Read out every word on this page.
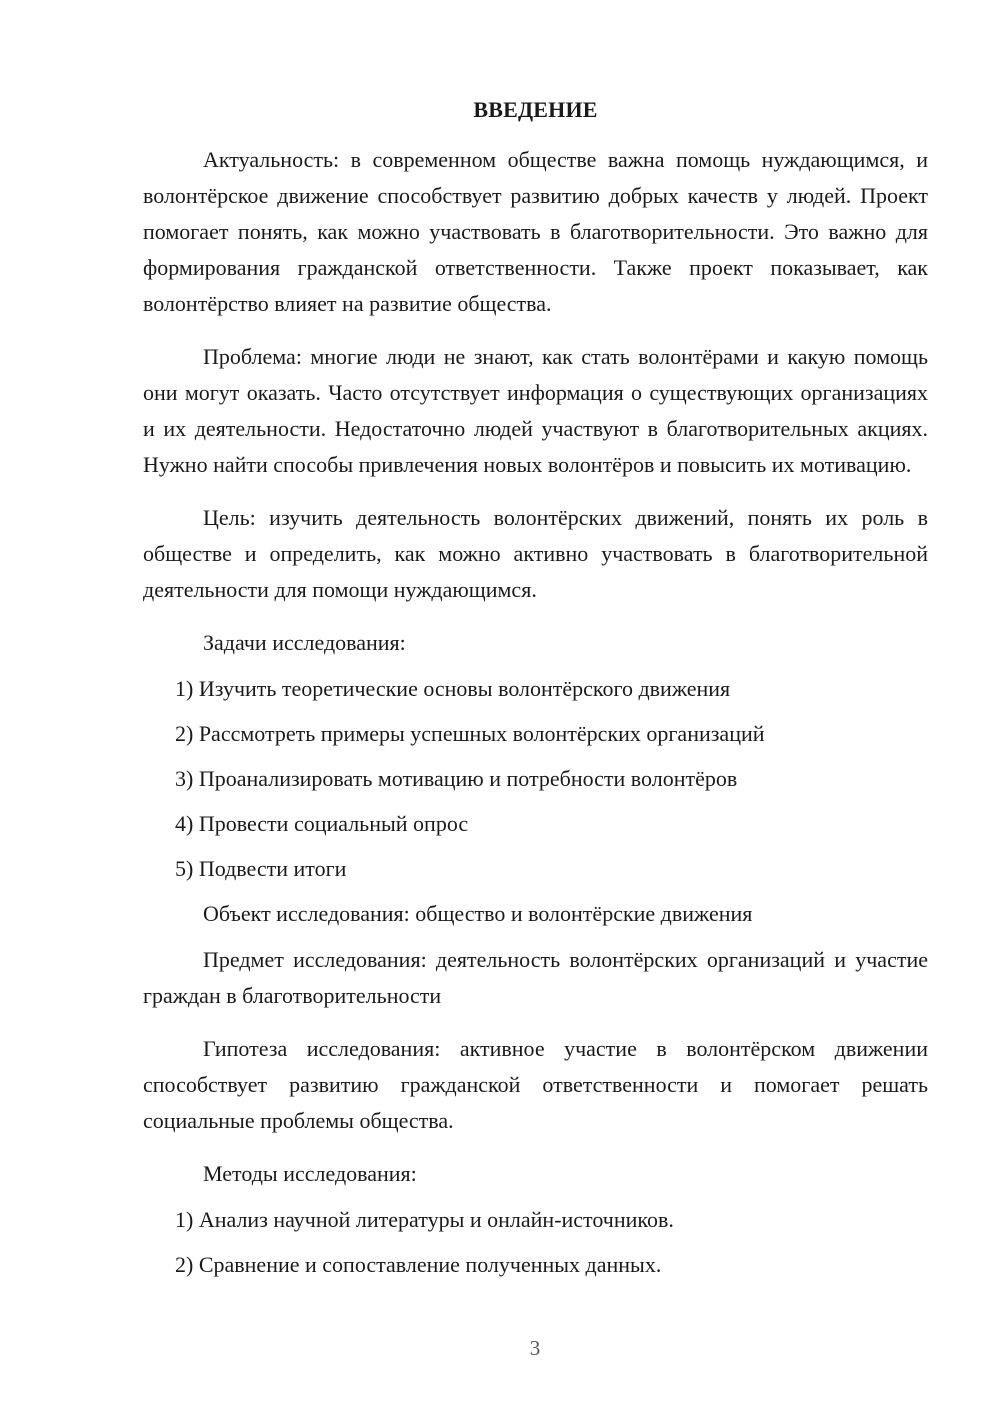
ВВЕДЕНИЕ

Актуальность: в современном обществе важна помощь нуждающимся, и волонтёрское движение способствует развитию добрых качеств у людей. Проект помогает понять, как можно участвовать в благотворительности. Это важно для формирования гражданской ответственности. Также проект показывает, как волонтёрство влияет на развитие общества.

Проблема: многие люди не знают, как стать волонтёрами и какую помощь они могут оказать. Часто отсутствует информация о существующих организациях и их деятельности. Недостаточно людей участвуют в благотворительных акциях. Нужно найти способы привлечения новых волонтёров и повысить их мотивацию.

Цель: изучить деятельность волонтёрских движений, понять их роль в обществе и определить, как можно активно участвовать в благотворительной деятельности для помощи нуждающимся.

Задачи исследования:
1) Изучить теоретические основы волонтёрского движения
2) Рассмотреть примеры успешных волонтёрских организаций
3) Проанализировать мотивацию и потребности волонтёров
4) Провести социальный опрос
5) Подвести итоги
Объект исследования: общество и волонтёрские движения

Предмет исследования: деятельность волонтёрских организаций и участие граждан в благотворительности

Гипотеза исследования: активное участие в волонтёрском движении способствует развитию гражданской ответственности и помогает решать социальные проблемы общества.

Методы исследования:
1) Анализ научной литературы и онлайн-источников.
2) Сравнение и сопоставление полученных данных.
3
